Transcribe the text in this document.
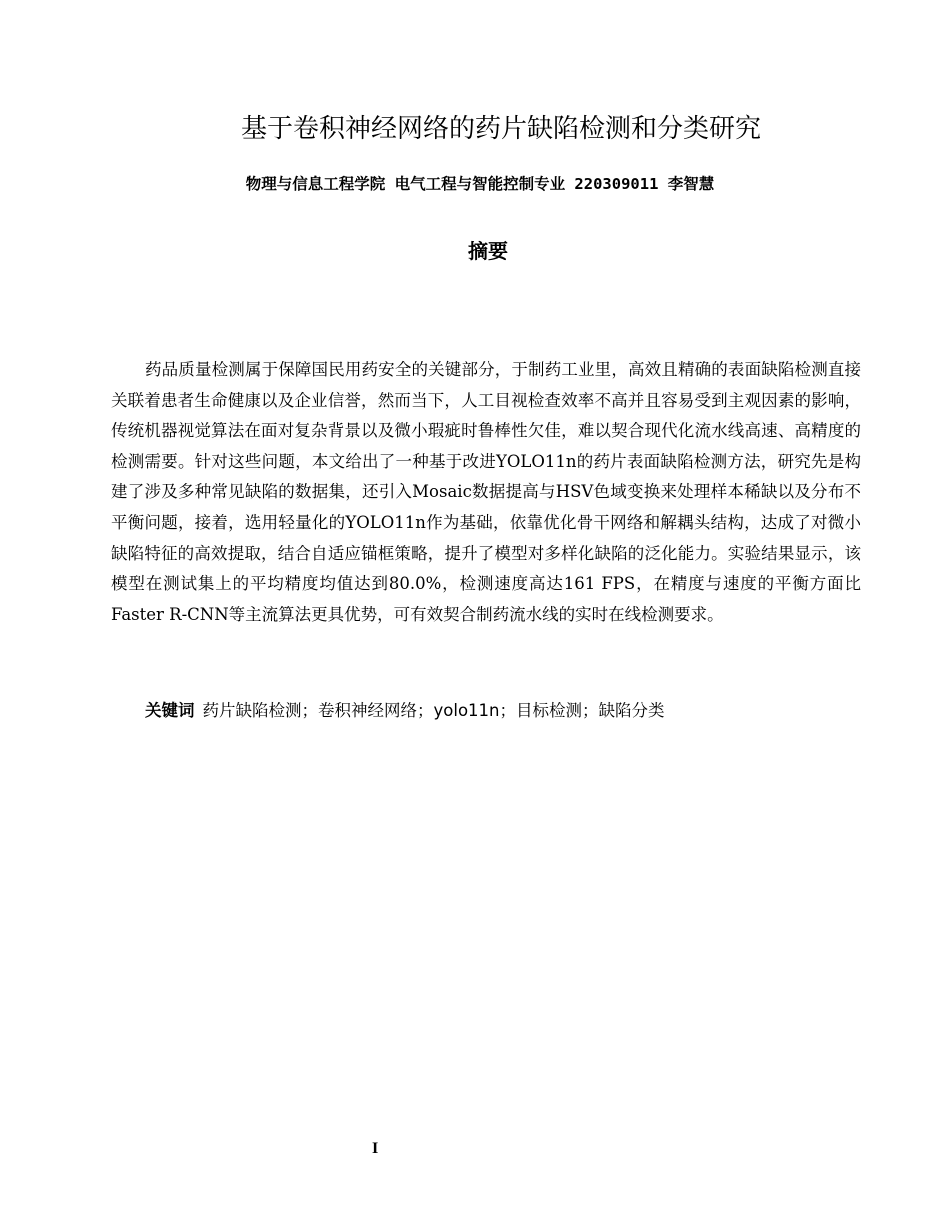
基于卷积神经网络的药片缺陷检测和分类研究
物理与信息工程学院 电气工程与智能控制专业 220309011 李智慧
摘要

药品质量检测属于保障国民用药安全的关键部分，于制药工业里，高效且精确的表面缺陷检测直接关联着患者生命健康以及企业信誉，然而当下，人工目视检查效率不高并且容易受到主观因素的影响，传统机器视觉算法在面对复杂背景以及微小瑕疵时鲁棒性欠佳，难以契合现代化流水线高速、高精度的检测需要。针对这些问题，本文给出了一种基于改进YOLO11n的药片表面缺陷检测方法，研究先是构建了涉及多种常见缺陷的数据集，还引入Mosaic数据提高与HSV色域变换来处理样本稀缺以及分布不平衡问题，接着，选用轻量化的YOLO11n作为基础，依靠优化骨干网络和解耦头结构，达成了对微小缺陷特征的高效提取，结合自适应锚框策略，提升了模型对多样化缺陷的泛化能力。实验结果显示，该模型在测试集上的平均精度均值达到80.0%，检测速度高达161 FPS，在精度与速度的平衡方面比Faster R-CNN等主流算法更具优势，可有效契合制药流水线的实时在线检测要求。

关键词 药片缺陷检测；卷积神经网络；yolo11n；目标检测；缺陷分类
I
